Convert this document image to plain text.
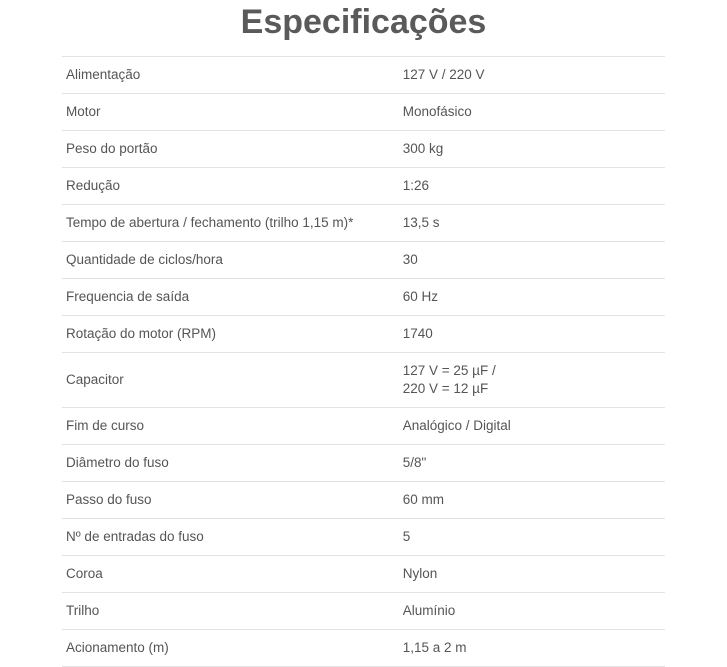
Especificações
Alimentação	127 V / 220 V
Motor	Monofásico
Peso do portão	300 kg
Redução	1:26
Tempo de abertura / fechamento (trilho 1,15 m)*	13,5 s
Quantidade de ciclos/hora	30
Frequencia de saída	60 Hz
Rotação do motor (RPM)	1740
Capacitor	127 V = 25 µF /
220 V = 12 µF

Fim de curso	Analógico / Digital
Diâmetro do fuso	5/8"
Passo do fuso	60 mm
Nº de entradas do fuso	5
Coroa	Nylon
Trilho	Alumínio
Acionamento (m)	1,15 a 2 m
